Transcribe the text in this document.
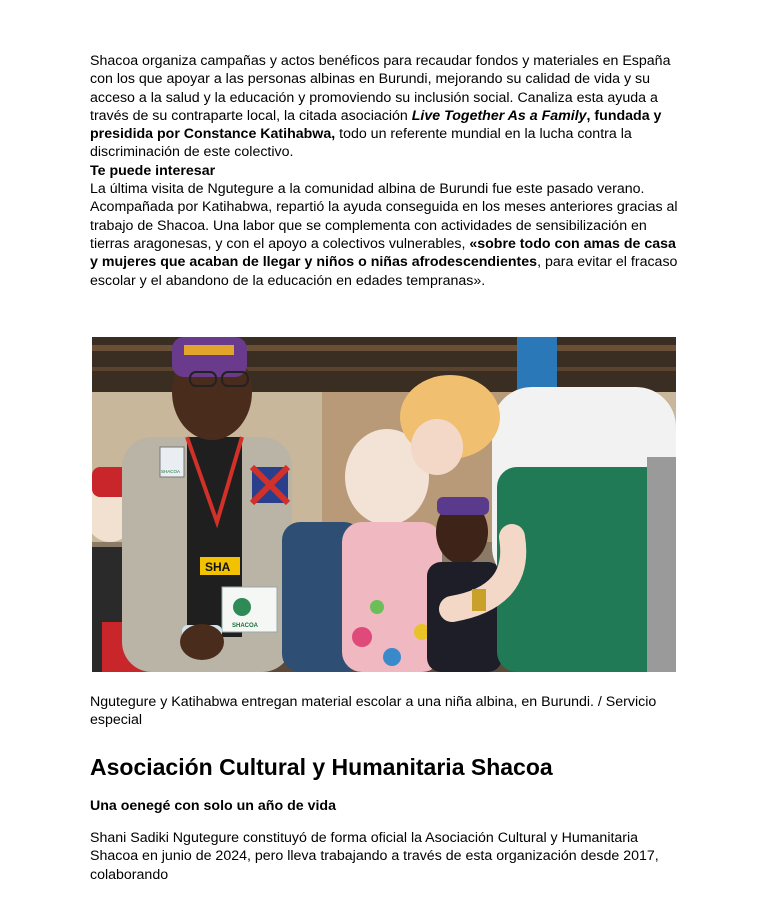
Shacoa organiza campañas y actos benéficos para recaudar fondos y materiales en España con los que apoyar a las personas albinas en Burundi, mejorando su calidad de vida y su acceso a la salud y la educación y promoviendo su inclusión social. Canaliza esta ayuda a través de su contraparte local, la citada asociación Live Together As a Family, fundada y presidida por Constance Katihabwa, todo un referente mundial en la lucha contra la discriminación de este colectivo.

Te puede interesar

La última visita de Ngutegure a la comunidad albina de Burundi fue este pasado verano. Acompañada por Katihabwa, repartió la ayuda conseguida en los meses anteriores gracias al trabajo de Shacoa. Una labor que se complementa con actividades de sensibilización en tierras aragonesas, y con el apoyo a colectivos vulnerables, «sobre todo con amas de casa y mujeres que acaban de llegar y niños o niñas afrodescendientes, para evitar el fracaso escolar y el abandono de la educación en edades tempranas».

SHA
SHACOA
SHACOA

Ngutegure y Katihabwa entregan material escolar a una niña albina, en Burundi. / Servicio especial

Asociación Cultural y Humanitaria Shacoa

Una oenegé con solo un año de vida

Shani Sadiki Ngutegure constituyó de forma oficial la Asociación Cultural y Humanitaria Shacoa en junio de 2024, pero lleva trabajando a través de esta organización desde 2017, colaborando
